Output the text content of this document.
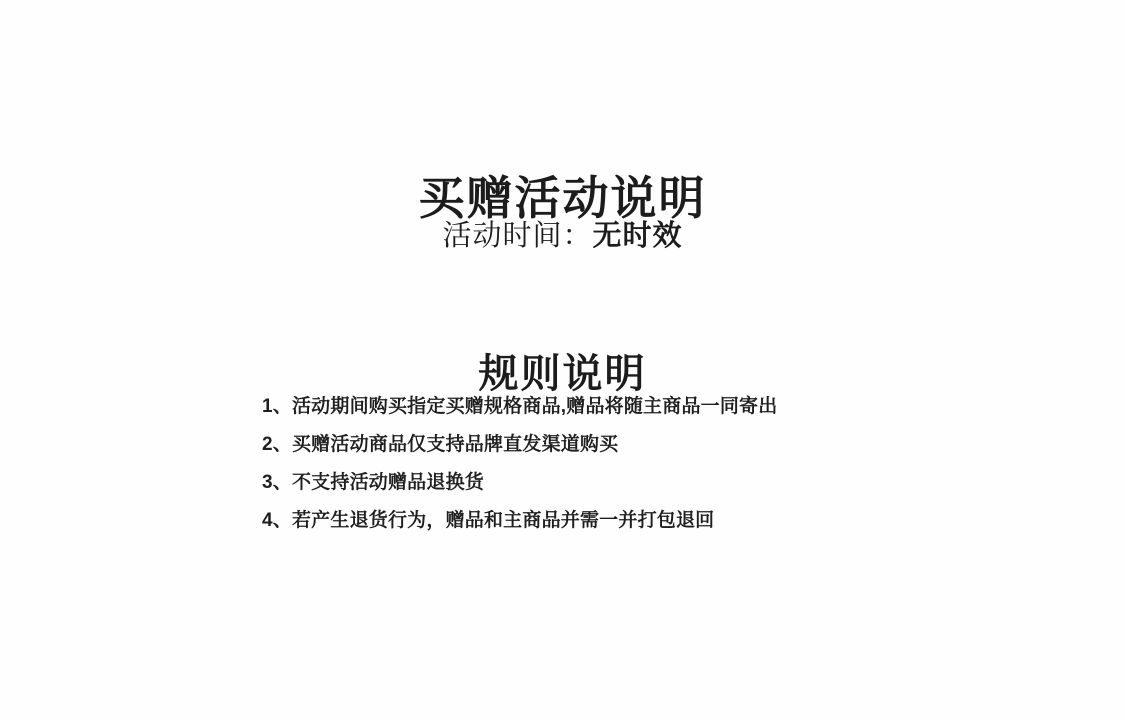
买赠活动说明
活动时间：无时效
规则说明
1、活动期间购买指定买赠规格商品,赠品将随主商品一同寄出
2、买赠活动商品仅支持品牌直发渠道购买
3、不支持活动赠品退换货
4、若产生退货行为，赠品和主商品并需一并打包退回
